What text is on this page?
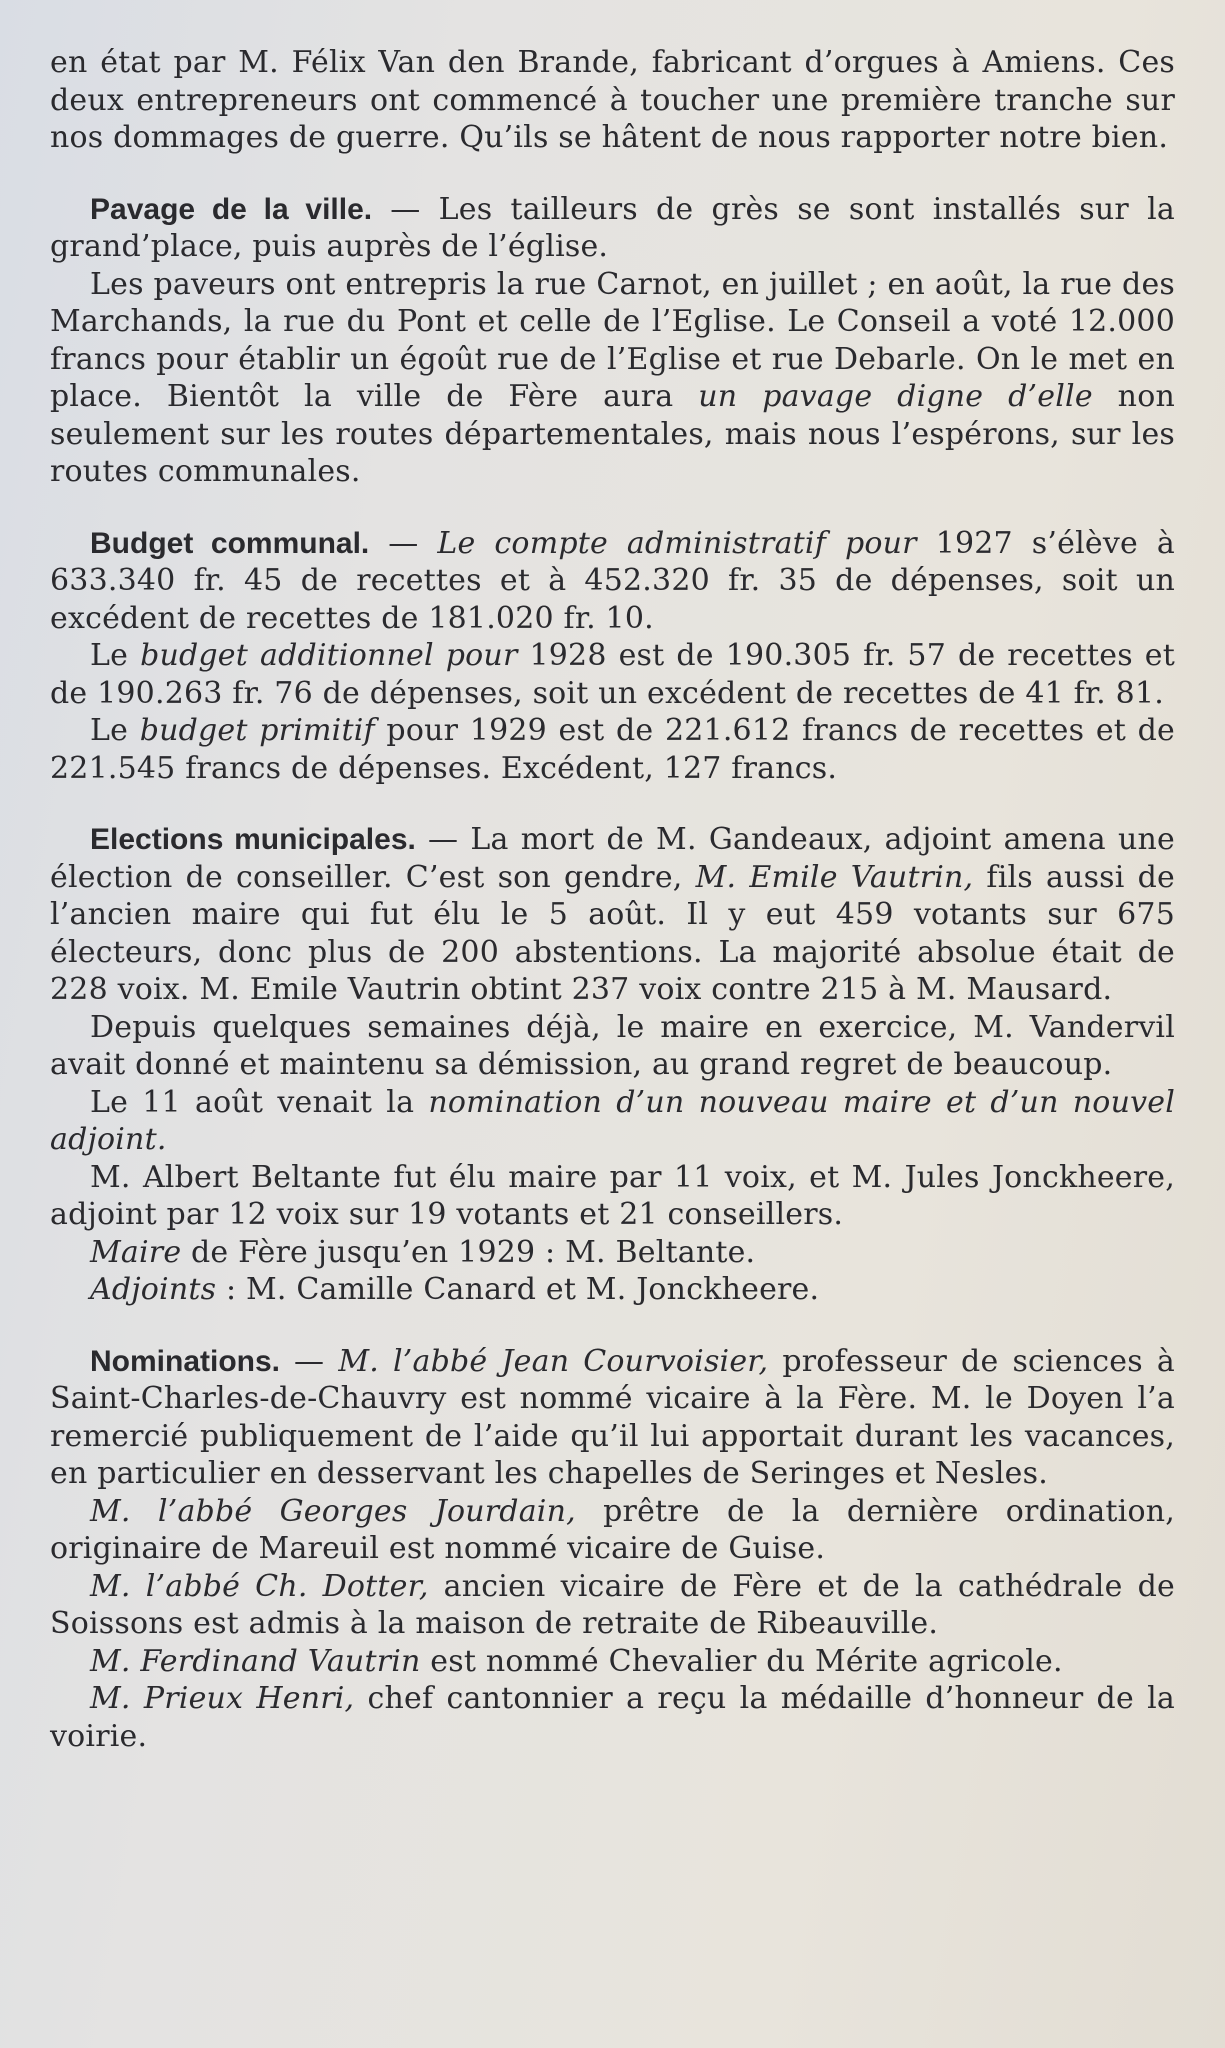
en état par M. Félix Van den Brande, fabricant d’orgues à Amiens. Ces deux entrepreneurs ont commencé à toucher une première tranche sur nos dommages de guerre. Qu’ils se hâtent de nous rapporter notre bien.

Pavage de la ville. — Les tailleurs de grès se sont installés sur la grand’place, puis auprès de l’église.

Les paveurs ont entrepris la rue Carnot, en juillet ; en août, la rue des Marchands, la rue du Pont et celle de l’Eglise. Le Conseil a voté 12.000 francs pour établir un égoût rue de l’Eglise et rue Debarle. On le met en place. Bientôt la ville de Fère aura un pavage digne d’elle non seulement sur les routes départementales, mais nous l’espérons, sur les routes communales.

Budget communal. — Le compte administratif pour 1927 s’élève à 633.340 fr. 45 de recettes et à 452.320 fr. 35 de dépenses, soit un excédent de recettes de 181.020 fr. 10.

Le budget additionnel pour 1928 est de 190.305 fr. 57 de recettes et de 190.263 fr. 76 de dépenses, soit un excédent de recettes de 41 fr. 81.

Le budget primitif pour 1929 est de 221.612 francs de recettes et de 221.545 francs de dépenses. Excédent, 127 francs.

Elections municipales. — La mort de M. Gandeaux, adjoint amena une élection de conseiller. C’est son gendre, M. Emile Vautrin, fils aussi de l’ancien maire qui fut élu le 5 août. Il y eut 459 votants sur 675 électeurs, donc plus de 200 abstentions. La majorité absolue était de 228 voix. M. Emile Vautrin obtint 237 voix contre 215 à M. Mausard.

Depuis quelques semaines déjà, le maire en exercice, M. Vandervil avait donné et maintenu sa démission, au grand regret de beaucoup.

Le 11 août venait la nomination d’un nouveau maire et d’un nouvel adjoint.

M. Albert Beltante fut élu maire par 11 voix, et M. Jules Jonckheere, adjoint par 12 voix sur 19 votants et 21 conseillers.

Maire de Fère jusqu’en 1929 : M. Beltante.

Adjoints : M. Camille Canard et M. Jonckheere.

Nominations. — M. l’abbé Jean Courvoisier, professeur de sciences à Saint-Charles-de-Chauvry est nommé vicaire à la Fère. M. le Doyen l’a remercié publiquement de l’aide qu’il lui apportait durant les vacances, en particulier en desservant les chapelles de Seringes et Nesles.

M. l’abbé Georges Jourdain, prêtre de la dernière ordination, originaire de Mareuil est nommé vicaire de Guise.

M. l’abbé Ch. Dotter, ancien vicaire de Fère et de la cathédrale de Soissons est admis à la maison de retraite de Ribeauville.

M. Ferdinand Vautrin est nommé Chevalier du Mérite agricole.

M. Prieux Henri, chef cantonnier a reçu la médaille d’honneur de la voirie.
